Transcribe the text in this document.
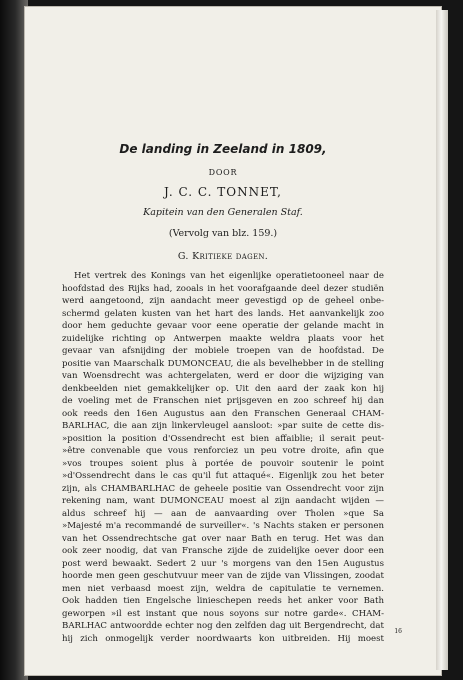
De landing in Zeeland in 1809,
DOOR
J. C. C. TONNET,
Kapitein van den Generalen Staf.
(Vervolg van blz. 159.)
G. Kritieke dagen.
Het vertrek des Konings van het eigenlijke operatietooneel naar de
hoofdstad des Rijks had, zooals in het voorafgaande deel dezer studiën
werd aangetoond, zijn aandacht meer gevestigd op de geheel onbe-
schermd gelaten kusten van het hart des lands. Het aanvankelijk zoo
door hem geduchte gevaar voor eene operatie der gelande macht in
zuidelijke richting op Antwerpen maakte weldra plaats voor het
gevaar van afsnijding der mobiele troepen van de hoofdstad. De
positie van Maarschalk DUMONCEAU, die als bevelhebber in de stelling
van Woensdrecht was achtergelaten, werd er door die wijziging van
denkbeelden niet gemakkelijker op. Uit den aard der zaak kon hij
de voeling met de Franschen niet prijsgeven en zoo schreef hij dan
ook reeds den 16en Augustus aan den Franschen Generaal CHAM-
BARLHAC, die aan zijn linkervleugel aansloot: »par suite de cette dis-
»position la position d'Ossendrecht est bien affaiblie; il serait peut-
»être convenable que vous renforciez un peu votre droite, afin que
»vos troupes soient plus à portée de pouvoir soutenir le point
»d'Ossendrecht dans le cas qu'il fut attaqué«. Eigenlijk zou het beter
zijn, als CHAMBARLHAC de geheele positie van Ossendrecht voor zijn
rekening nam, want DUMONCEAU moest al zijn aandacht wijden —
aldus schreef hij — aan de aanvaarding over Tholen »que Sa
»Majesté m'a recommandé de surveiller«. 's Nachts staken er personen
van het Ossendrechtsche gat over naar Bath en terug. Het was dan
ook zeer noodig, dat van Fransche zijde de zuidelijke oever door een
post werd bewaakt. Sedert 2 uur 's morgens van den 15en Augustus
hoorde men geen geschutvuur meer van de zijde van Vlissingen, zoodat
men niet verbaasd moest zijn, weldra de capitulatie te vernemen.
Ook hadden tien Engelsche linieschepen reeds het anker voor Bath
geworpen »il est instant que nous soyons sur notre garde«. CHAM-
BARLHAC antwoordde echter nog den zelfden dag uit Bergendrecht, dat
16
hij zich onmogelijk verder noordwaarts kon uitbreiden. Hij moest
